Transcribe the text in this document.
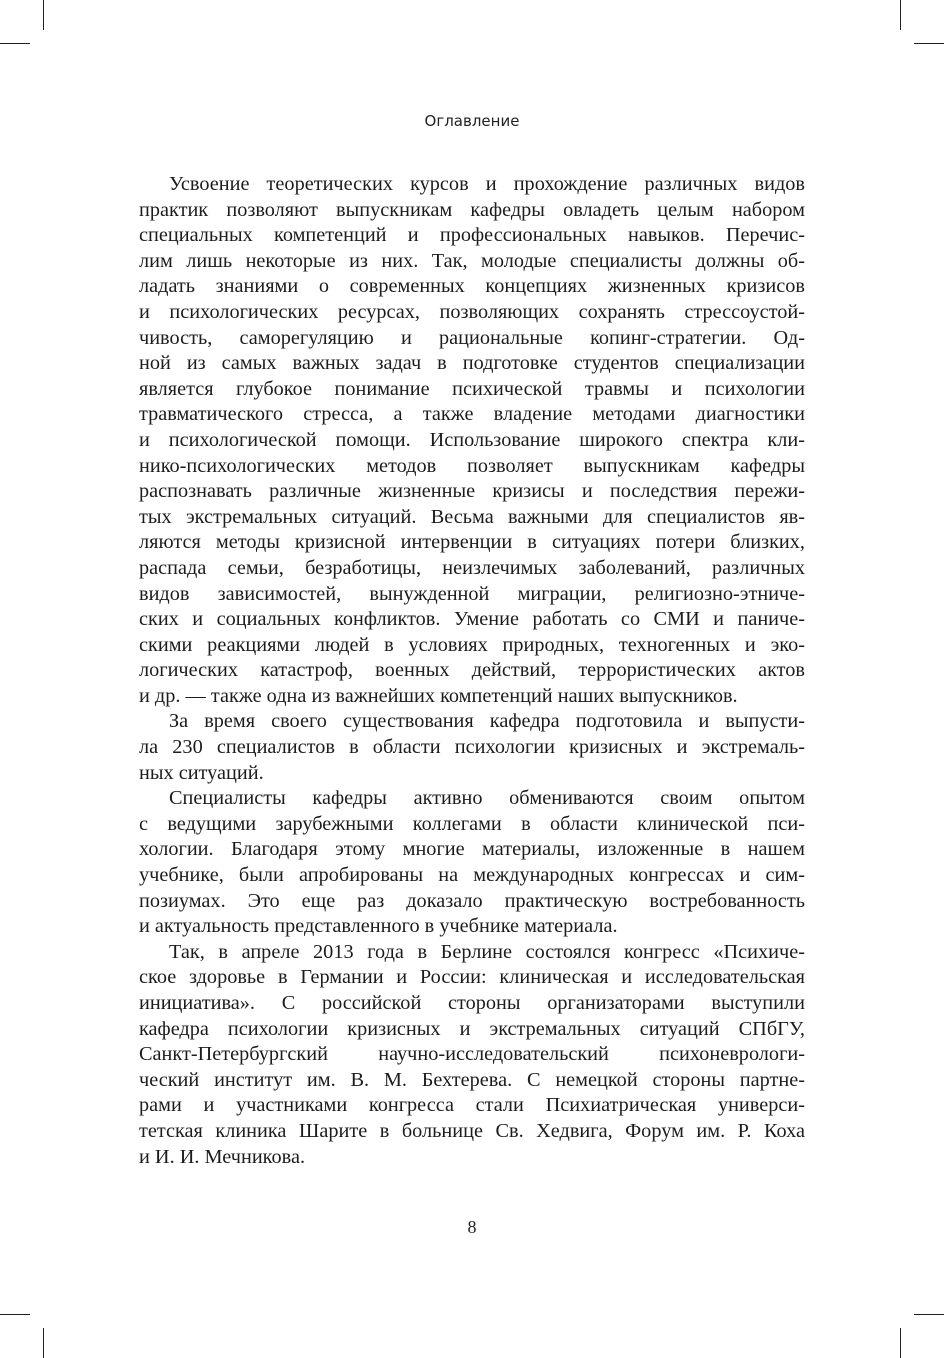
Оглавление
Усвоение теоретических курсов и прохождение различных видов
практик позволяют выпускникам кафедры овладеть целым набором
специальных компетенций и профессиональных навыков. Перечис-
лим лишь некоторые из них. Так, молодые специалисты должны об-
ладать знаниями о современных концепциях жизненных кризисов
и психологических ресурсах, позволяющих сохранять стрессоустой-
чивость, саморегуляцию и рациональные копинг-стратегии. Од-
ной из самых важных задач в подготовке студентов специализации
является глубокое понимание психической травмы и психологии
травматического стресса, а также владение методами диагностики
и психологической помощи. Использование широкого спектра кли-
нико-психологических методов позволяет выпускникам кафедры
распознавать различные жизненные кризисы и последствия пережи-
тых экстремальных ситуаций. Весьма важными для специалистов яв-
ляются методы кризисной интервенции в ситуациях потери близких,
распада семьи, безработицы, неизлечимых заболеваний, различных
видов зависимостей, вынужденной миграции, религиозно-этниче-
ских и социальных конфликтов. Умение работать со СМИ и паниче-
скими реакциями людей в условиях природных, техногенных и эко-
логических катастроф, военных действий, террористических актов
и др. — также одна из важнейших компетенций наших выпускников.
За время своего существования кафедра подготовила и выпусти-
ла 230 специалистов в области психологии кризисных и экстремаль-
ных ситуаций.
Специалисты кафедры активно обмениваются своим опытом
с ведущими зарубежными коллегами в области клинической пси-
хологии. Благодаря этому многие материалы, изложенные в нашем
учебнике, были апробированы на международных конгрессах и сим-
позиумах. Это еще раз доказало практическую востребованность
и актуальность представленного в учебнике материала.
Так, в апреле 2013 года в Берлине состоялся конгресс «Психиче-
ское здоровье в Германии и России: клиническая и исследовательская
инициатива». С российской стороны организаторами выступили
кафедра психологии кризисных и экстремальных ситуаций СПбГУ,
Санкт-Петербургский научно-исследовательский психоневрологи-
ческий институт им. В. М. Бехтерева. С немецкой стороны партне-
рами и участниками конгресса стали Психиатрическая универси-
тетская клиника Шарите в больнице Св. Хедвига, Форум им. Р. Коха
и И. И. Мечникова.
8
